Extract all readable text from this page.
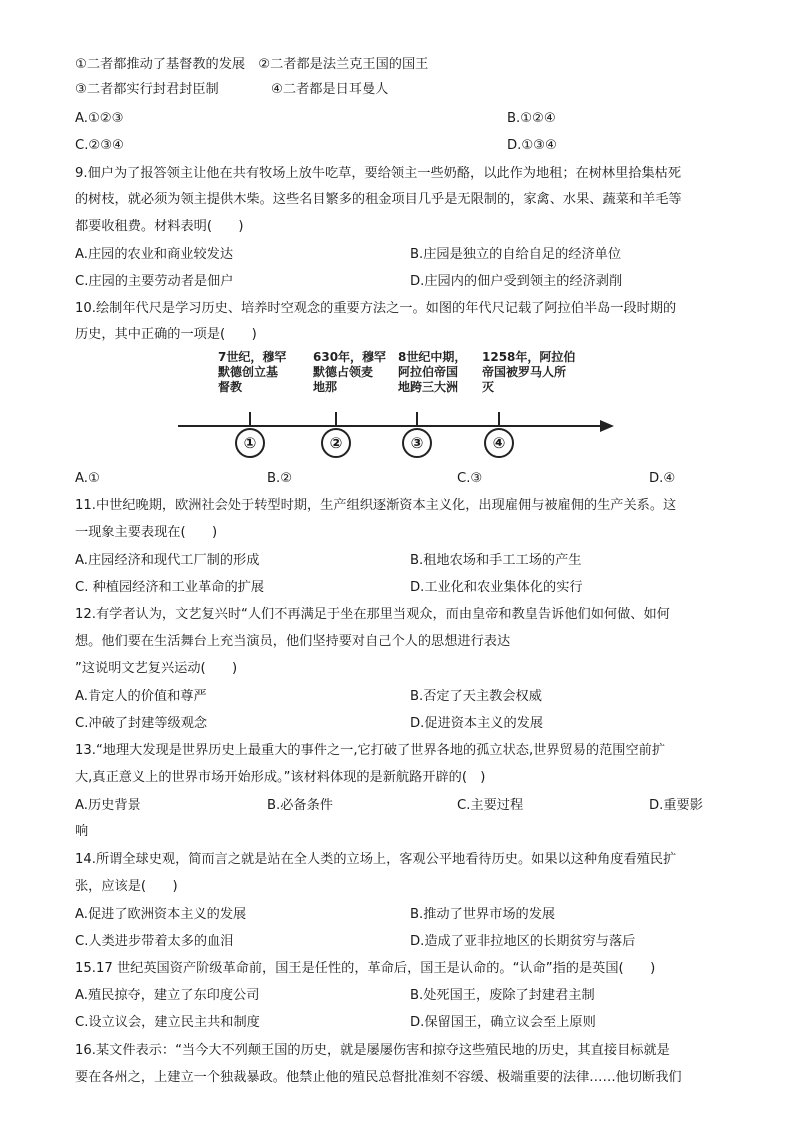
①二者都推动了基督教的发展　②二者都是法兰克王国的国王
③二者都实行封君封臣制	④二者都是日耳曼人
A.①②③	B.①②④
C.②③④	D.①③④
9.佃户为了报答领主让他在共有牧场上放牛吃草，要给领主一些奶酪，以此作为地租；在树林里拾集枯死
的树枝，就必须为领主提供木柴。这些名目繁多的租金项目几乎是无限制的，家禽、水果、蔬菜和羊毛等
都要收租费。材料表明(　　)
A.庄园的农业和商业较发达	B.庄园是独立的自给自足的经济单位
C.庄园的主要劳动者是佃户	D.庄园内的佃户受到领主的经济剥削
10.绘制年代尺是学习历史、培养时空观念的重要方法之一。如图的年代尺记载了阿拉伯半岛一段时期的
历史，其中正确的一项是(　　)
7世纪，穆罕
默德创立基
督教
630年，穆罕
默德占领麦
地那
8世纪中期，
阿拉伯帝国
地跨三大洲
1258年，阿拉伯
帝国被罗马人所
灭
①	②	③	④
A.①	B.②	C.③	D.④
11.中世纪晚期，欧洲社会处于转型时期，生产组织逐渐资本主义化，出现雇佣与被雇佣的生产关系。这
一现象主要表现在(　　)
A.庄园经济和现代工厂制的形成	B.租地农场和手工工场的产生
C. 种植园经济和工业革命的扩展	D.工业化和农业集体化的实行
12.有学者认为，文艺复兴时“人们不再满足于坐在那里当观众，而由皇帝和教皇告诉他们如何做、如何
想。他们要在生活舞台上充当演员，他们坚持要对自己个人的思想进行表达
”这说明文艺复兴运动(　　)
A.肯定人的价值和尊严	B.否定了天主教会权威
C.冲破了封建等级观念	D.促进资本主义的发展
13.“地理大发现是世界历史上最重大的事件之一,它打破了世界各地的孤立状态,世界贸易的范围空前扩
大,真正意义上的世界市场开始形成。”该材料体现的是新航路开辟的(　)
A.历史背景	B.必备条件	C.主要过程	D.重要影
响
14.所谓全球史观，简而言之就是站在全人类的立场上，客观公平地看待历史。如果以这种角度看殖民扩
张，应该是(　　)
A.促进了欧洲资本主义的发展	B.推动了世界市场的发展
C.人类进步带着太多的血泪	D.造成了亚非拉地区的长期贫穷与落后
15.17 世纪英国资产阶级革命前，国王是任性的，革命后，国王是认命的。“认命”指的是英国(　　)
A.殖民掠夺，建立了东印度公司	B.处死国王，废除了封建君主制
C.设立议会，建立民主共和制度	D.保留国王，确立议会至上原则
16.某文件表示：“当今大不列颠王国的历史，就是屡屡伤害和掠夺这些殖民地的历史，其直接目标就是
要在各州之，上建立一个独裁暴政。他禁止他的殖民总督批准刻不容缓、极端重要的法律……他切断我们
